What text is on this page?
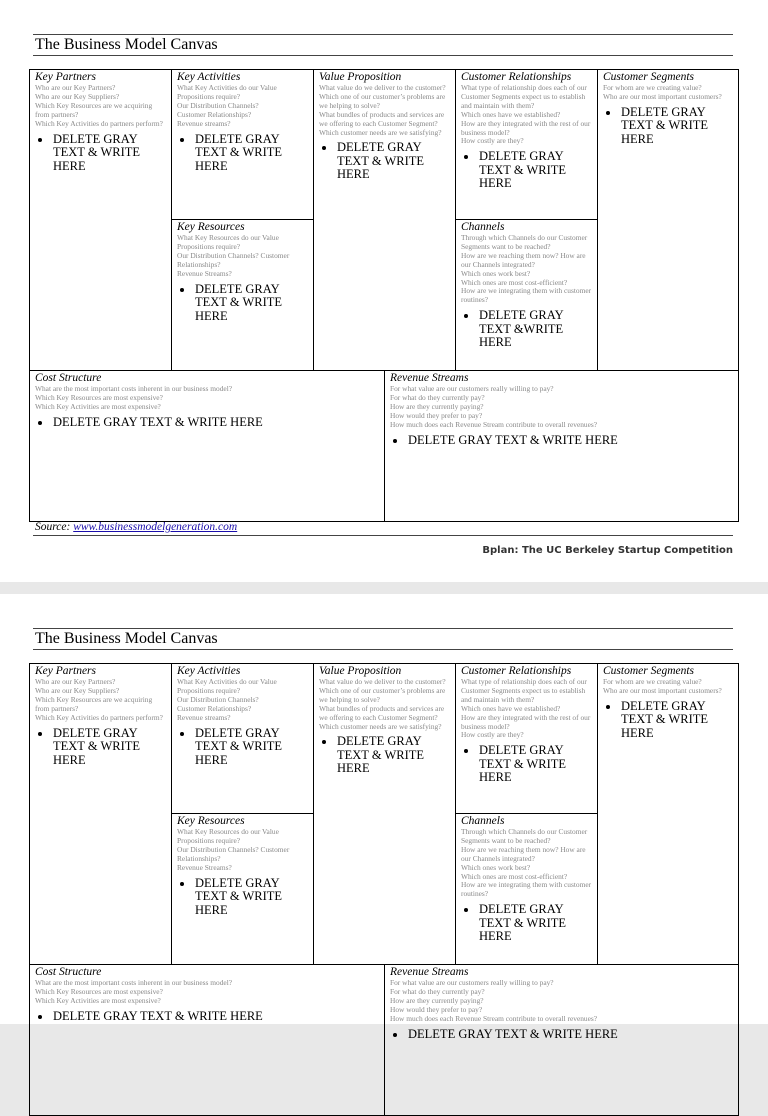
The Business Model Canvas
Key Partners
Who are our Key Partners?
Who are our Key Suppliers?
Which Key Resources are we acquiring from partners?
Which Key Activities do partners perform?
• DELETE GRAY TEXT & WRITE HERE
Key Activities
What Key Activities do our Value Propositions require?
Our Distribution Channels?
Customer Relationships?
Revenue streams?
• DELETE GRAY TEXT & WRITE HERE
Key Resources
What Key Resources do our Value Propositions require?
Our Distribution Channels? Customer Relationships?
Revenue Streams?
• DELETE GRAY TEXT & WRITE HERE
Value Proposition
What value do we deliver to the customer?
Which one of our customer’s problems are we helping to solve?
What bundles of products and services are we offering to each Customer Segment?
Which customer needs are we satisfying?
• DELETE GRAY TEXT & WRITE HERE
Customer Relationships
What type of relationship does each of our Customer Segments expect us to establish and maintain with them?
Which ones have we established?
How are they integrated with the rest of our business model?
How costly are they?
• DELETE GRAY TEXT & WRITE HERE
Channels
Through which Channels do our Customer Segments want to be reached?
How are we reaching them now? How are our Channels integrated?
Which ones work best?
Which ones are most cost-efficient?
How are we integrating them with customer routines?
• DELETE GRAY TEXT &WRITE HERE
Customer Segments
For whom are we creating value?
Who are our most important customers?
• DELETE GRAY TEXT & WRITE HERE
Cost Structure
What are the most important costs inherent in our business model?
Which Key Resources are most expensive?
Which Key Activities are most expensive?
• DELETE GRAY TEXT & WRITE HERE
Revenue Streams
For what value are our customers really willing to pay?
For what do they currently pay?
How are they currently paying?
How would they prefer to pay?
How much does each Revenue Stream contribute to overall revenues?
• DELETE GRAY TEXT & WRITE HERE
Source: www.businessmodelgeneration.com
Bplan: The UC Berkeley Startup Competition
The Business Model Canvas
Key Partners
Who are our Key Partners?
Who are our Key Suppliers?
Which Key Resources are we acquiring from partners?
Which Key Activities do partners perform?
• DELETE GRAY TEXT & WRITE HERE
Key Activities
What Key Activities do our Value Propositions require?
Our Distribution Channels?
Customer Relationships?
Revenue streams?
• DELETE GRAY TEXT & WRITE HERE
Key Resources
What Key Resources do our Value Propositions require?
Our Distribution Channels? Customer Relationships?
Revenue Streams?
• DELETE GRAY TEXT & WRITE HERE
Value Proposition
What value do we deliver to the customer?
Which one of our customer’s problems are we helping to solve?
What bundles of products and services are we offering to each Customer Segment?
Which customer needs are we satisfying?
• DELETE GRAY TEXT & WRITE HERE
Customer Relationships
What type of relationship does each of our Customer Segments expect us to establish and maintain with them?
Which ones have we established?
How are they integrated with the rest of our business model?
How costly are they?
• DELETE GRAY TEXT & WRITE HERE
Channels
Through which Channels do our Customer Segments want to be reached?
How are we reaching them now? How are our Channels integrated?
Which ones work best?
Which ones are most cost-efficient?
How are we integrating them with customer routines?
• DELETE GRAY TEXT & WRITE HERE
Customer Segments
For whom are we creating value?
Who are our most important customers?
• DELETE GRAY TEXT & WRITE HERE
Cost Structure
What are the most important costs inherent in our business model?
Which Key Resources are most expensive?
Which Key Activities are most expensive?
• DELETE GRAY TEXT & WRITE HERE
Revenue Streams
For what value are our customers really willing to pay?
For what do they currently pay?
How are they currently paying?
How would they prefer to pay?
How much does each Revenue Stream contribute to overall revenues?
• DELETE GRAY TEXT & WRITE HERE
